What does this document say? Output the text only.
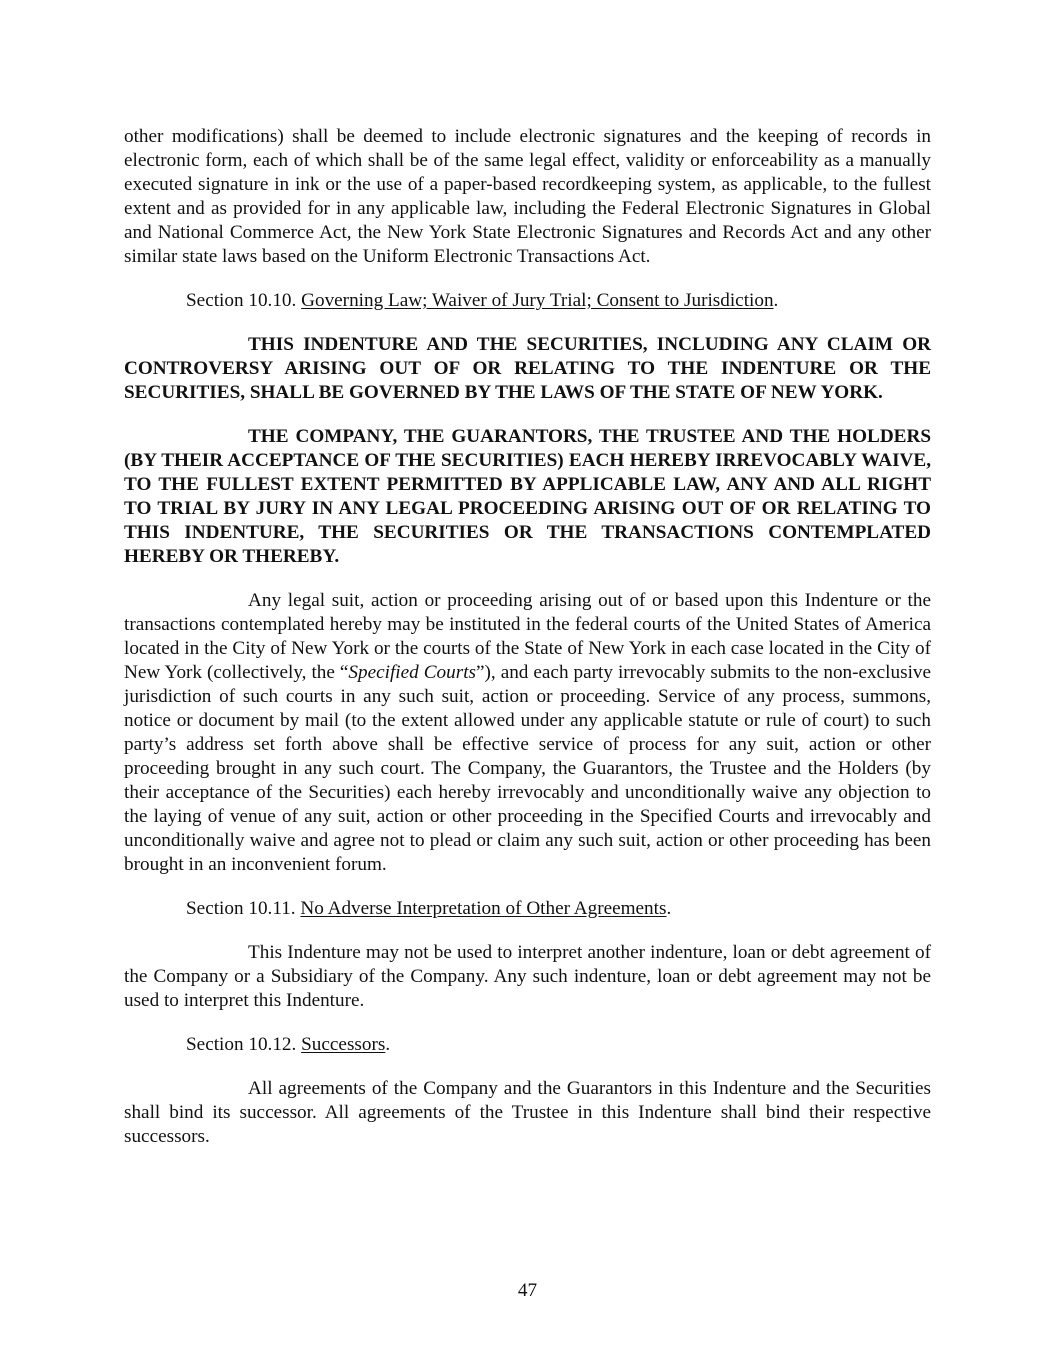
other modifications) shall be deemed to include electronic signatures and the keeping of records in electronic form, each of which shall be of the same legal effect, validity or enforceability as a manually executed signature in ink or the use of a paper-based recordkeeping system, as applicable, to the fullest extent and as provided for in any applicable law, including the Federal Electronic Signatures in Global and National Commerce Act, the New York State Electronic Signatures and Records Act and any other similar state laws based on the Uniform Electronic Transactions Act.

Section 10.10. Governing Law; Waiver of Jury Trial; Consent to Jurisdiction.

THIS INDENTURE AND THE SECURITIES, INCLUDING ANY CLAIM OR CONTROVERSY ARISING OUT OF OR RELATING TO THE INDENTURE OR THE SECURITIES, SHALL BE GOVERNED BY THE LAWS OF THE STATE OF NEW YORK.

THE COMPANY, THE GUARANTORS, THE TRUSTEE AND THE HOLDERS (BY THEIR ACCEPTANCE OF THE SECURITIES) EACH HEREBY IRREVOCABLY WAIVE, TO THE FULLEST EXTENT PERMITTED BY APPLICABLE LAW, ANY AND ALL RIGHT TO TRIAL BY JURY IN ANY LEGAL PROCEEDING ARISING OUT OF OR RELATING TO THIS INDENTURE, THE SECURITIES OR THE TRANSACTIONS CONTEMPLATED HEREBY OR THEREBY.

Any legal suit, action or proceeding arising out of or based upon this Indenture or the transactions contemplated hereby may be instituted in the federal courts of the United States of America located in the City of New York or the courts of the State of New York in each case located in the City of New York (collectively, the “Specified Courts”), and each party irrevocably submits to the non-exclusive jurisdiction of such courts in any such suit, action or proceeding. Service of any process, summons, notice or document by mail (to the extent allowed under any applicable statute or rule of court) to such party’s address set forth above shall be effective service of process for any suit, action or other proceeding brought in any such court. The Company, the Guarantors, the Trustee and the Holders (by their acceptance of the Securities) each hereby irrevocably and unconditionally waive any objection to the laying of venue of any suit, action or other proceeding in the Specified Courts and irrevocably and unconditionally waive and agree not to plead or claim any such suit, action or other proceeding has been brought in an inconvenient forum.

Section 10.11. No Adverse Interpretation of Other Agreements.

This Indenture may not be used to interpret another indenture, loan or debt agreement of the Company or a Subsidiary of the Company. Any such indenture, loan or debt agreement may not be used to interpret this Indenture.

Section 10.12. Successors.

All agreements of the Company and the Guarantors in this Indenture and the Securities shall bind its successor. All agreements of the Trustee in this Indenture shall bind their respective successors.

47
